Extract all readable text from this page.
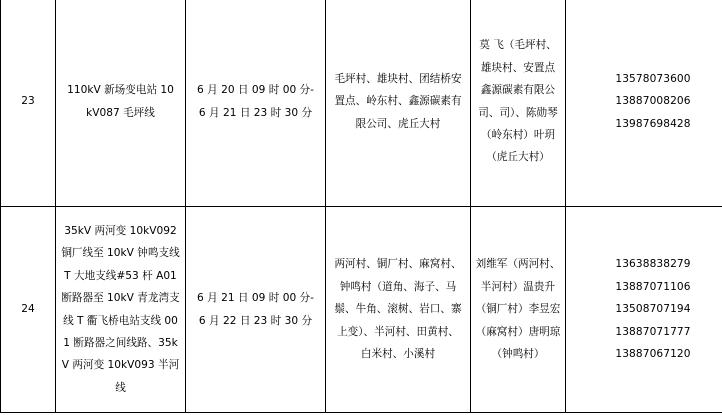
23	110kV 新场变电站 10kV087 毛坪线	6 月 20 日 09 时 00 分-6 月 21 日 23 时 30 分	毛坪村、雄块村、团结桥安置点、岭东村、鑫源碳素有限公司、虎丘大村	莫 飞（毛坪村、雄块村、安置点鑫源碳素有限公司、司）、陈勋琴（岭东村）叶玥（虎丘大村）	13578073600
13887008206
13987698428

24	35kV 两河变 10kV092 铜厂线至 10kV 钟鸣支线 T 大地支线#53 杆 A01 断路器至 10kV 青龙湾支线 T 衢飞桥电站支线 001 断路器之间线路、35kV 两河变 10kV093 半河线	6 月 21 日 09 时 00 分-6 月 22 日 23 时 30 分	两河村、铜厂村、麻窝村、钟鸣村（道角、海子、马鬃、牛角、滚树、岩口、寨上变）、半河村、田黄村、白米村、小溪村	刘维军（两河村、半河村）温贵升（铜厂村）李昱宏（麻窝村）唐明琼（钟鸣村）	13638838279
13887071106
13508707194
13887071777
13887067120
